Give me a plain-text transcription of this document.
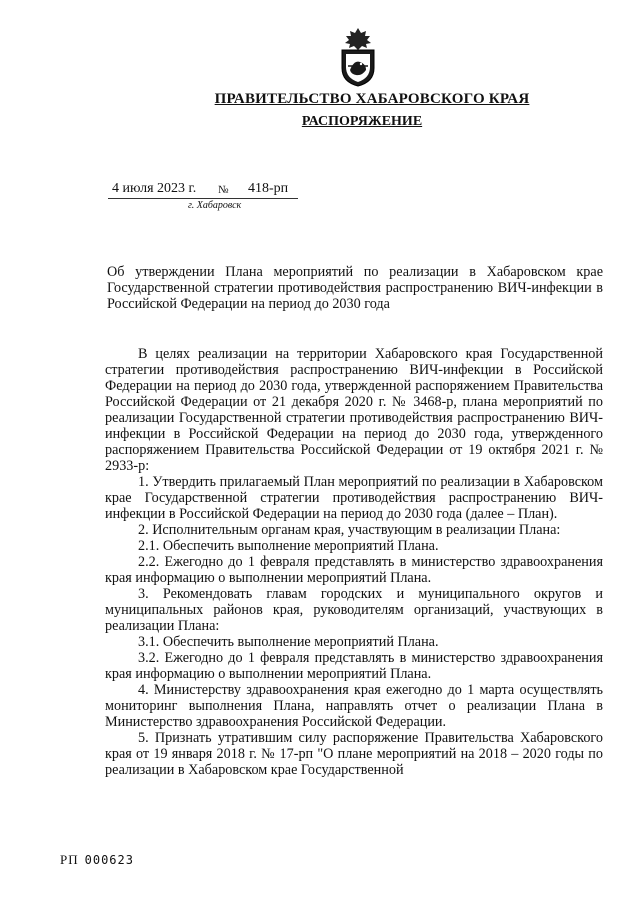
ПРАВИТЕЛЬСТВО ХАБАРОВСКОГО КРАЯ
РАСПОРЯЖЕНИЕ
4 июля 2023 г. № 418-рп
г. Хабаровск
Об утверждении Плана мероприятий по реализации в Хабаровском крае Государственной стратегии противодействия распространению ВИЧ-инфекции в Российской Федерации на период до 2030 года

В целях реализации на территории Хабаровского края Государственной стратегии противодействия распространению ВИЧ-инфекции в Российской Федерации на период до 2030 года, утвержденной распоряжением Правительства Российской Федерации от 21 декабря 2020 г. № 3468-р, плана мероприятий по реализации Государственной стратегии противодействия распространению ВИЧ-инфекции в Российской Федерации на период до 2030 года, утвержденного распоряжением Правительства Российской Федерации от 19 октября 2021 г. № 2933-р:

1. Утвердить прилагаемый План мероприятий по реализации в Хабаровском крае Государственной стратегии противодействия распространению ВИЧ-инфекции в Российской Федерации на период до 2030 года (далее – План).

2. Исполнительным органам края, участвующим в реализации Плана:

2.1. Обеспечить выполнение мероприятий Плана.

2.2. Ежегодно до 1 февраля представлять в министерство здравоохранения края информацию о выполнении мероприятий Плана.

3. Рекомендовать главам городских и муниципального округов и муниципальных районов края, руководителям организаций, участвующих в реализации Плана:

3.1. Обеспечить выполнение мероприятий Плана.

3.2. Ежегодно до 1 февраля представлять в министерство здравоохранения края информацию о выполнении мероприятий Плана.

4. Министерству здравоохранения края ежегодно до 1 марта осуществлять мониторинг выполнения Плана, направлять отчет о реализации Плана в Министерство здравоохранения Российской Федерации.

5. Признать утратившим силу распоряжение Правительства Хабаровского края от 19 января 2018 г. № 17-рп "О плане мероприятий на 2018 – 2020 годы по реализации в Хабаровском крае Государственной

РП 000623
